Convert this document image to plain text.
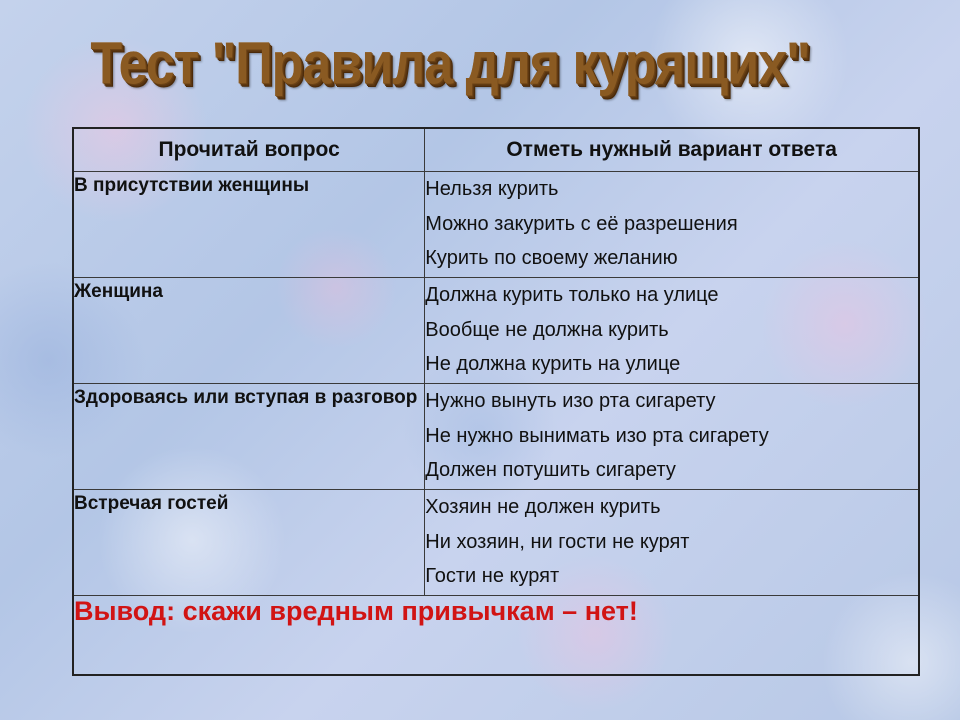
Тест "Правила для курящих"
Прочитай вопрос	Отметь нужный вариант ответа
В присутствии женщины	Нельзя курить
Можно закурить с её разрешения
Курить по своему желанию

Женщина	Должна курить только на улице
Вообще не должна курить
Не должна курить на улице

Здороваясь или вступая в разговор	Нужно вынуть изо рта сигарету
Не нужно вынимать изо рта сигарету
Должен потушить сигарету

Встречая гостей	Хозяин не должен курить
Ни хозяин, ни гости не курят
Гости не курят

Вывод: скажи вредным привычкам – нет!	
